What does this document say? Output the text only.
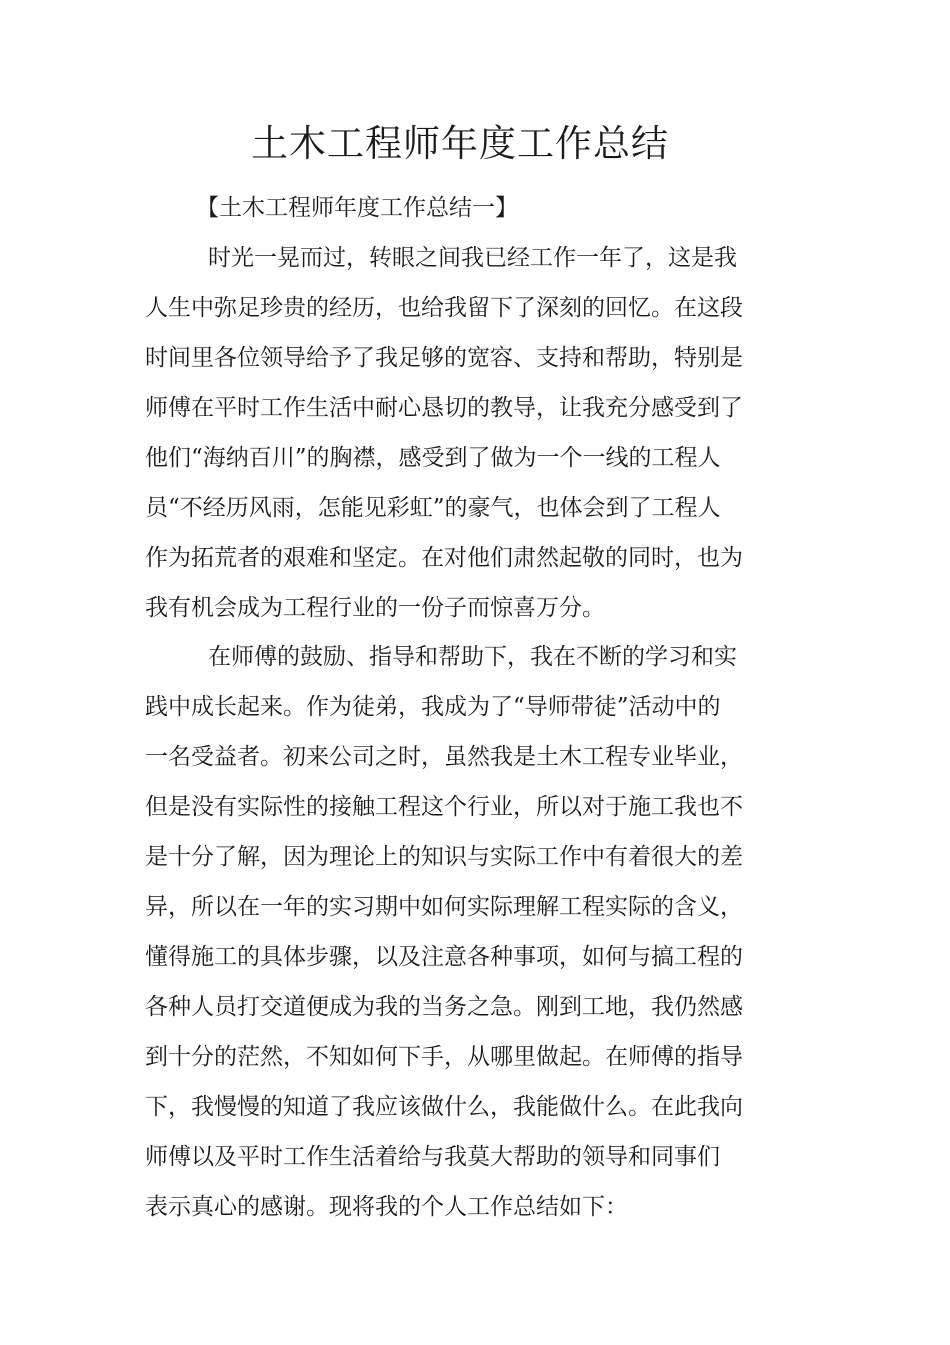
土木工程师年度工作总结

【土木工程师年度工作总结一】

时光一晃而过，转眼之间我已经工作一年了，这是我
人生中弥足珍贵的经历，也给我留下了深刻的回忆。在这段
时间里各位领导给予了我足够的宽容、支持和帮助，特别是
师傅在平时工作生活中耐心恳切的教导，让我充分感受到了
他们“海纳百川”的胸襟，感受到了做为一个一线的工程人
员“不经历风雨，怎能见彩虹”的豪气，也体会到了工程人
作为拓荒者的艰难和坚定。在对他们肃然起敬的同时，也为
我有机会成为工程行业的一份子而惊喜万分。
在师傅的鼓励、指导和帮助下，我在不断的学习和实
践中成长起来。作为徒弟，我成为了“导师带徒”活动中的
一名受益者。初来公司之时，虽然我是土木工程专业毕业，
但是没有实际性的接触工程这个行业，所以对于施工我也不
是十分了解，因为理论上的知识与实际工作中有着很大的差
异，所以在一年的实习期中如何实际理解工程实际的含义，
懂得施工的具体步骤，以及注意各种事项，如何与搞工程的
各种人员打交道便成为我的当务之急。刚到工地，我仍然感
到十分的茫然，不知如何下手，从哪里做起。在师傅的指导
下，我慢慢的知道了我应该做什么，我能做什么。在此我向
师傅以及平时工作生活着给与我莫大帮助的领导和同事们
表示真心的感谢。现将我的个人工作总结如下：
